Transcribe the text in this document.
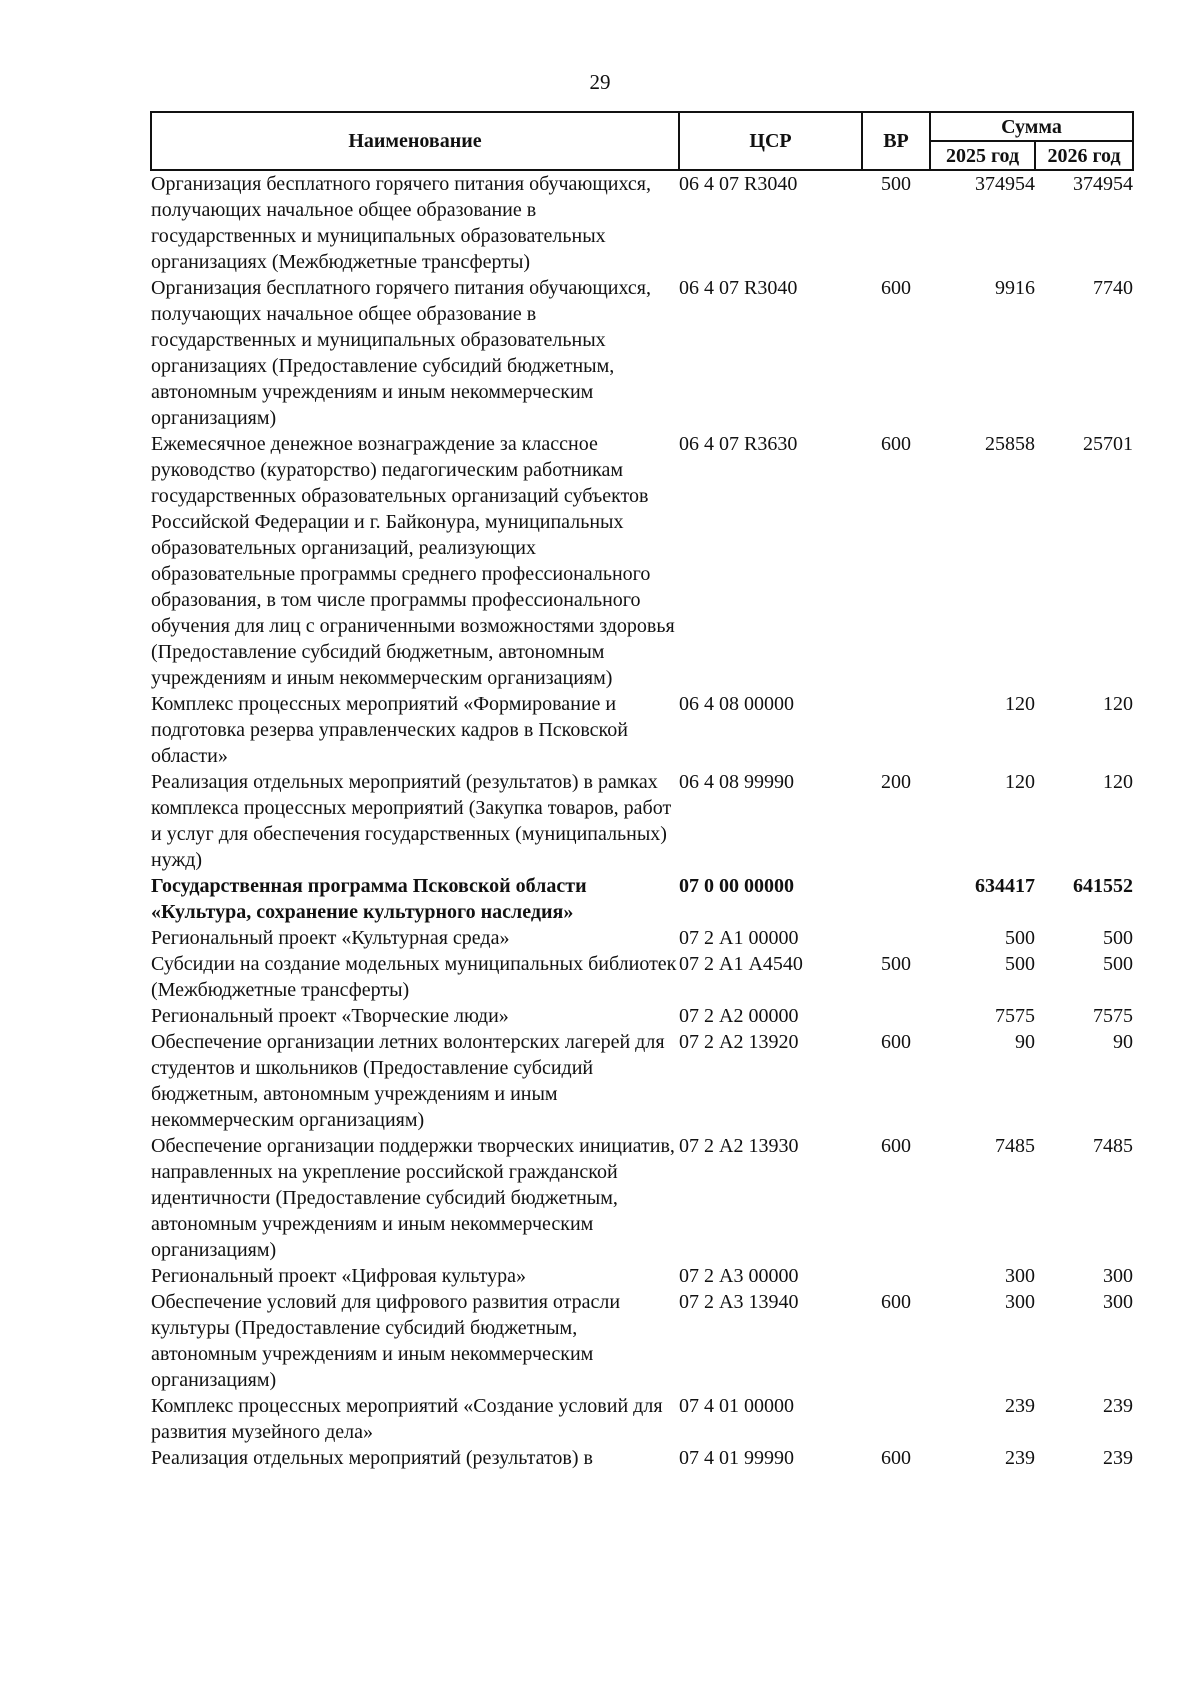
29
Наименование	ЦСР	ВР	Сумма	
			2025 год	2026 год
Организация бесплатного горячего питания обучающихся, получающих начальное общее образование в государственных и муниципальных образовательных организациях (Межбюджетные трансферты)	06 4 07 R3040	500	374954	374954
Организация бесплатного горячего питания обучающихся, получающих начальное общее образование в государственных и муниципальных образовательных организациях (Предоставление субсидий бюджетным, автономным учреждениям и иным некоммерческим организациям)	06 4 07 R3040	600	9916	7740
Ежемесячное денежное вознаграждение за классное руководство (кураторство) педагогическим работникам государственных образовательных организаций субъектов Российской Федерации и г. Байконура, муниципальных образовательных организаций, реализующих образовательные программы среднего профессионального образования, в том числе программы профессионального обучения для лиц с ограниченными возможностями здоровья (Предоставление субсидий бюджетным, автономным учреждениям и иным некоммерческим организациям)	06 4 07 R3630	600	25858	25701
Комплекс процессных мероприятий «Формирование и подготовка резерва управленческих кадров в Псковской области»	06 4 08 00000		120	120
Реализация отдельных мероприятий (результатов) в рамках комплекса процессных мероприятий (Закупка товаров, работ и услуг для обеспечения государственных (муниципальных) нужд)	06 4 08 99990	200	120	120
Государственная программа Псковской области «Культура, сохранение культурного наследия»	07 0 00 00000		634417	641552
Региональный проект «Культурная среда»	07 2 А1 00000		500	500
Субсидии на создание модельных муниципальных библиотек (Межбюджетные трансферты)	07 2 А1 А4540	500	500	500
Региональный проект «Творческие люди»	07 2 А2 00000		7575	7575
Обеспечение организации летних волонтерских лагерей для студентов и школьников (Предоставление субсидий бюджетным, автономным учреждениям и иным некоммерческим организациям)	07 2 А2 13920	600	90	90
Обеспечение организации поддержки творческих инициатив, направленных на укрепление российской гражданской идентичности (Предоставление субсидий бюджетным, автономным учреждениям и иным некоммерческим организациям)	07 2 А2 13930	600	7485	7485
Региональный проект «Цифровая культура»	07 2 А3 00000		300	300
Обеспечение условий для цифрового развития отрасли культуры (Предоставление субсидий бюджетным, автономным учреждениям и иным некоммерческим организациям)	07 2 А3 13940	600	300	300
Комплекс процессных мероприятий «Создание условий для развития музейного дела»	07 4 01 00000		239	239
Реализация отдельных мероприятий (результатов) в	07 4 01 99990	600	239	239
